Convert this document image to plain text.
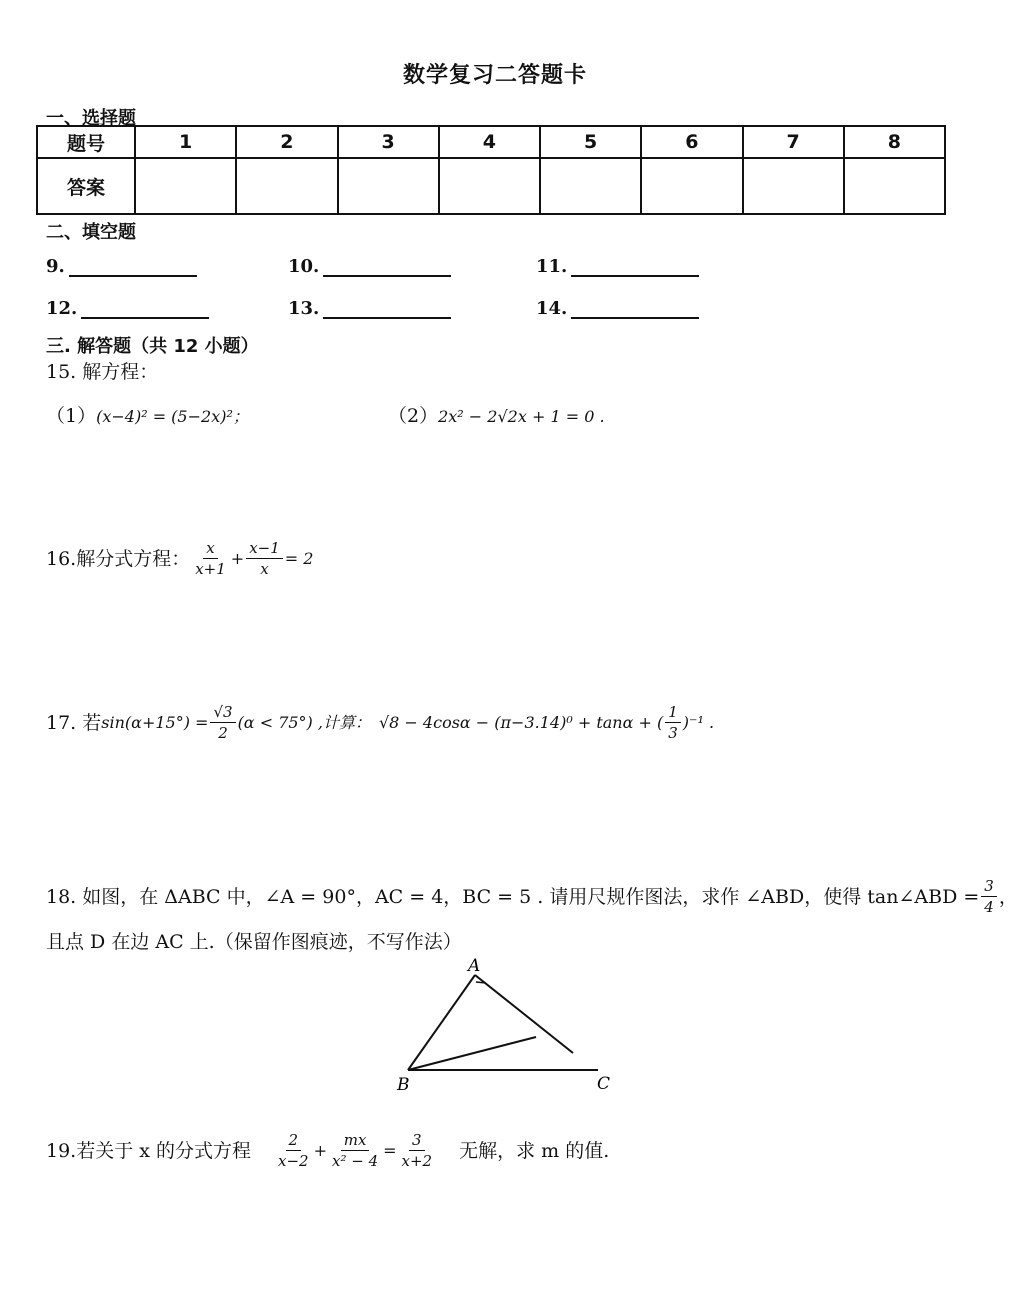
数学复习二答题卡
一、选择题
题号	1	2	3	4	5	6	7	8
答案								
二、填空题
9.	10.	11.
12.	13.	14.
三. 解答题（共 12 小题）
15. 解方程：
（1）(x−4)² = (5−2x)²；	（2）2x² − 2√2x + 1 = 0 .
16.解分式方程： $\frac{x}{x+1} + \frac{x-1}{x} = 2$
17. 若 $\sin(\alpha+15^\circ) = \frac{√3}{2} (\alpha < 75^\circ)$ ,计算： √8 − 4cosα − (π−3.14)⁰ + tanα + ( $\frac{1}{3} )^{-1}$ .
18. 如图，在 ΔABC 中，∠A = 90°，AC = 4，BC = 5 . 请用尺规作图法，求作 ∠ABD，使得 tan∠ABD = $\frac{3}{4}$ ，
且点 D 在边 AC 上.（保留作图痕迹，不写作法）
A
B	C
19.若关于 x 的分式方程 $\frac{2}{x-2} + \frac{mx}{\text{x² − 4}} = \frac{3}{x+2}$ 无解，求 m 的值.
